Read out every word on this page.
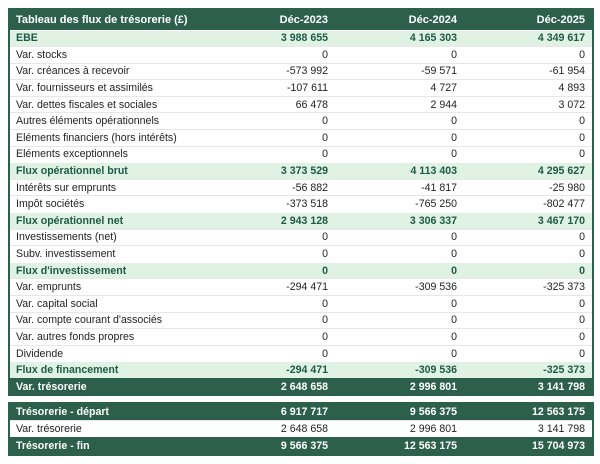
Tableau des flux de trésorerie (£)	Déc-2023	Déc-2024	Déc-2025
EBE	3 988 655	4 165 303	4 349 617
Var. stocks	0	0	0
Var. créances à recevoir	-573 992	-59 571	-61 954
Var. fournisseurs et assimilés	-107 611	4 727	4 893
Var. dettes fiscales et sociales	66 478	2 944	3 072
Autres éléments opérationnels	0	0	0
Eléments financiers (hors intérêts)	0	0	0
Eléments exceptionnels	0	0	0
Flux opérationnel brut	3 373 529	4 113 403	4 295 627
Intérêts sur emprunts	-56 882	-41 817	-25 980
Impôt sociétés	-373 518	-765 250	-802 477
Flux opérationnel net	2 943 128	3 306 337	3 467 170
Investissements (net)	0	0	0
Subv. investissement	0	0	0
Flux d'investissement	0	0	0
Var. emprunts	-294 471	-309 536	-325 373
Var. capital social	0	0	0
Var. compte courant d'associés	0	0	0
Var. autres fonds propres	0	0	0
Dividende	0	0	0
Flux de financement	-294 471	-309 536	-325 373
Var. trésorerie	2 648 658	2 996 801	3 141 798
Trésorerie - départ	6 917 717	9 566 375	12 563 175
Var. trésorerie	2 648 658	2 996 801	3 141 798
Trésorerie - fin	9 566 375	12 563 175	15 704 973
